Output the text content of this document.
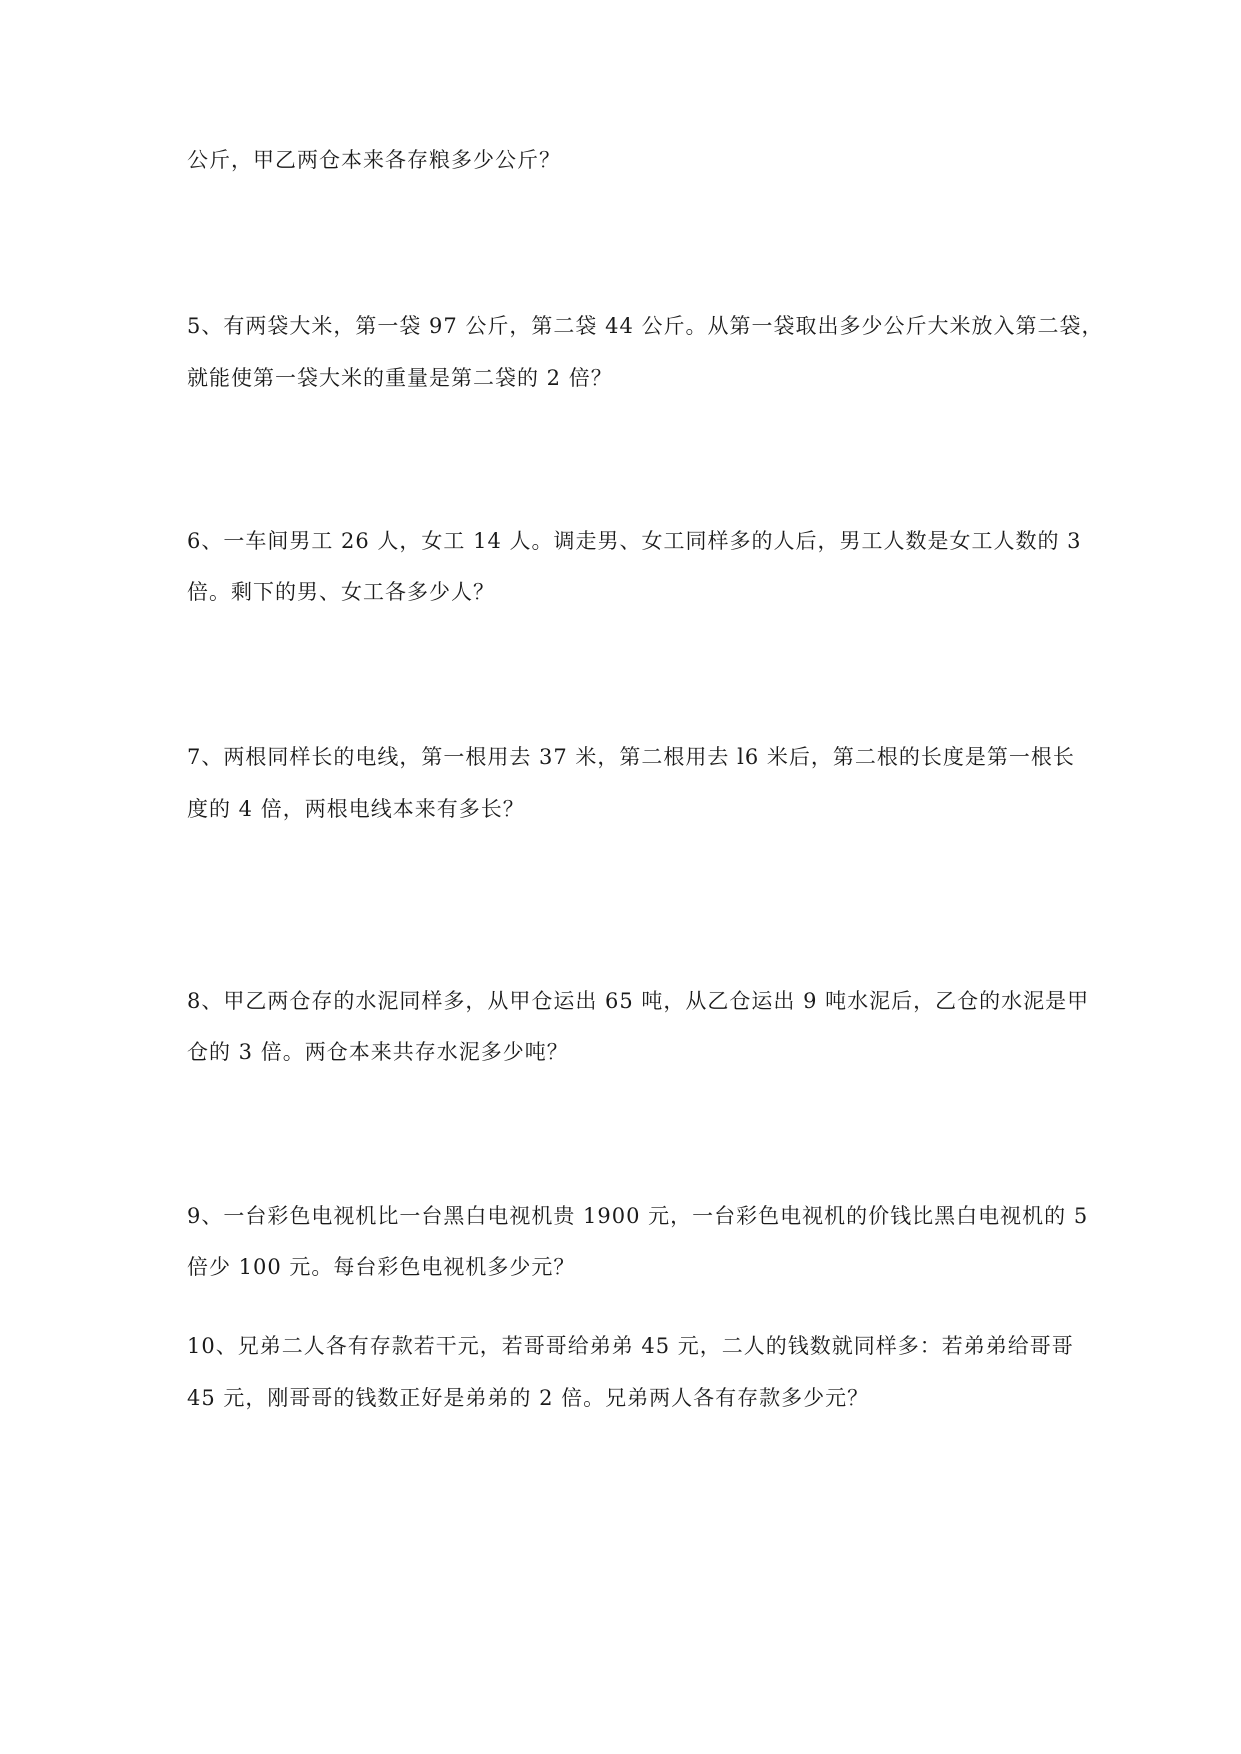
公斤，甲乙两仓本来各存粮多少公斤？
5、有两袋大米，第一袋 97 公斤，第二袋 44 公斤。从第一袋取出多少公斤大米放入第二袋，
就能使第一袋大米的重量是第二袋的 2 倍？
6、一车间男工 26 人，女工 14 人。调走男、女工同样多的人后，男工人数是女工人数的 3
倍。剩下的男、女工各多少人？
7、两根同样长的电线，第一根用去 37 米，第二根用去 l6 米后，第二根的长度是第一根长
度的 4 倍，两根电线本来有多长？
8、甲乙两仓存的水泥同样多，从甲仓运出 65 吨，从乙仓运出 9 吨水泥后，乙仓的水泥是甲
仓的 3 倍。两仓本来共存水泥多少吨？
9、一台彩色电视机比一台黑白电视机贵 1900 元，一台彩色电视机的价钱比黑白电视机的 5
倍少 100 元。每台彩色电视机多少元？
10、兄弟二人各有存款若干元，若哥哥给弟弟 45 元，二人的钱数就同样多：若弟弟给哥哥
45 元，刚哥哥的钱数正好是弟弟的 2 倍。兄弟两人各有存款多少元？
